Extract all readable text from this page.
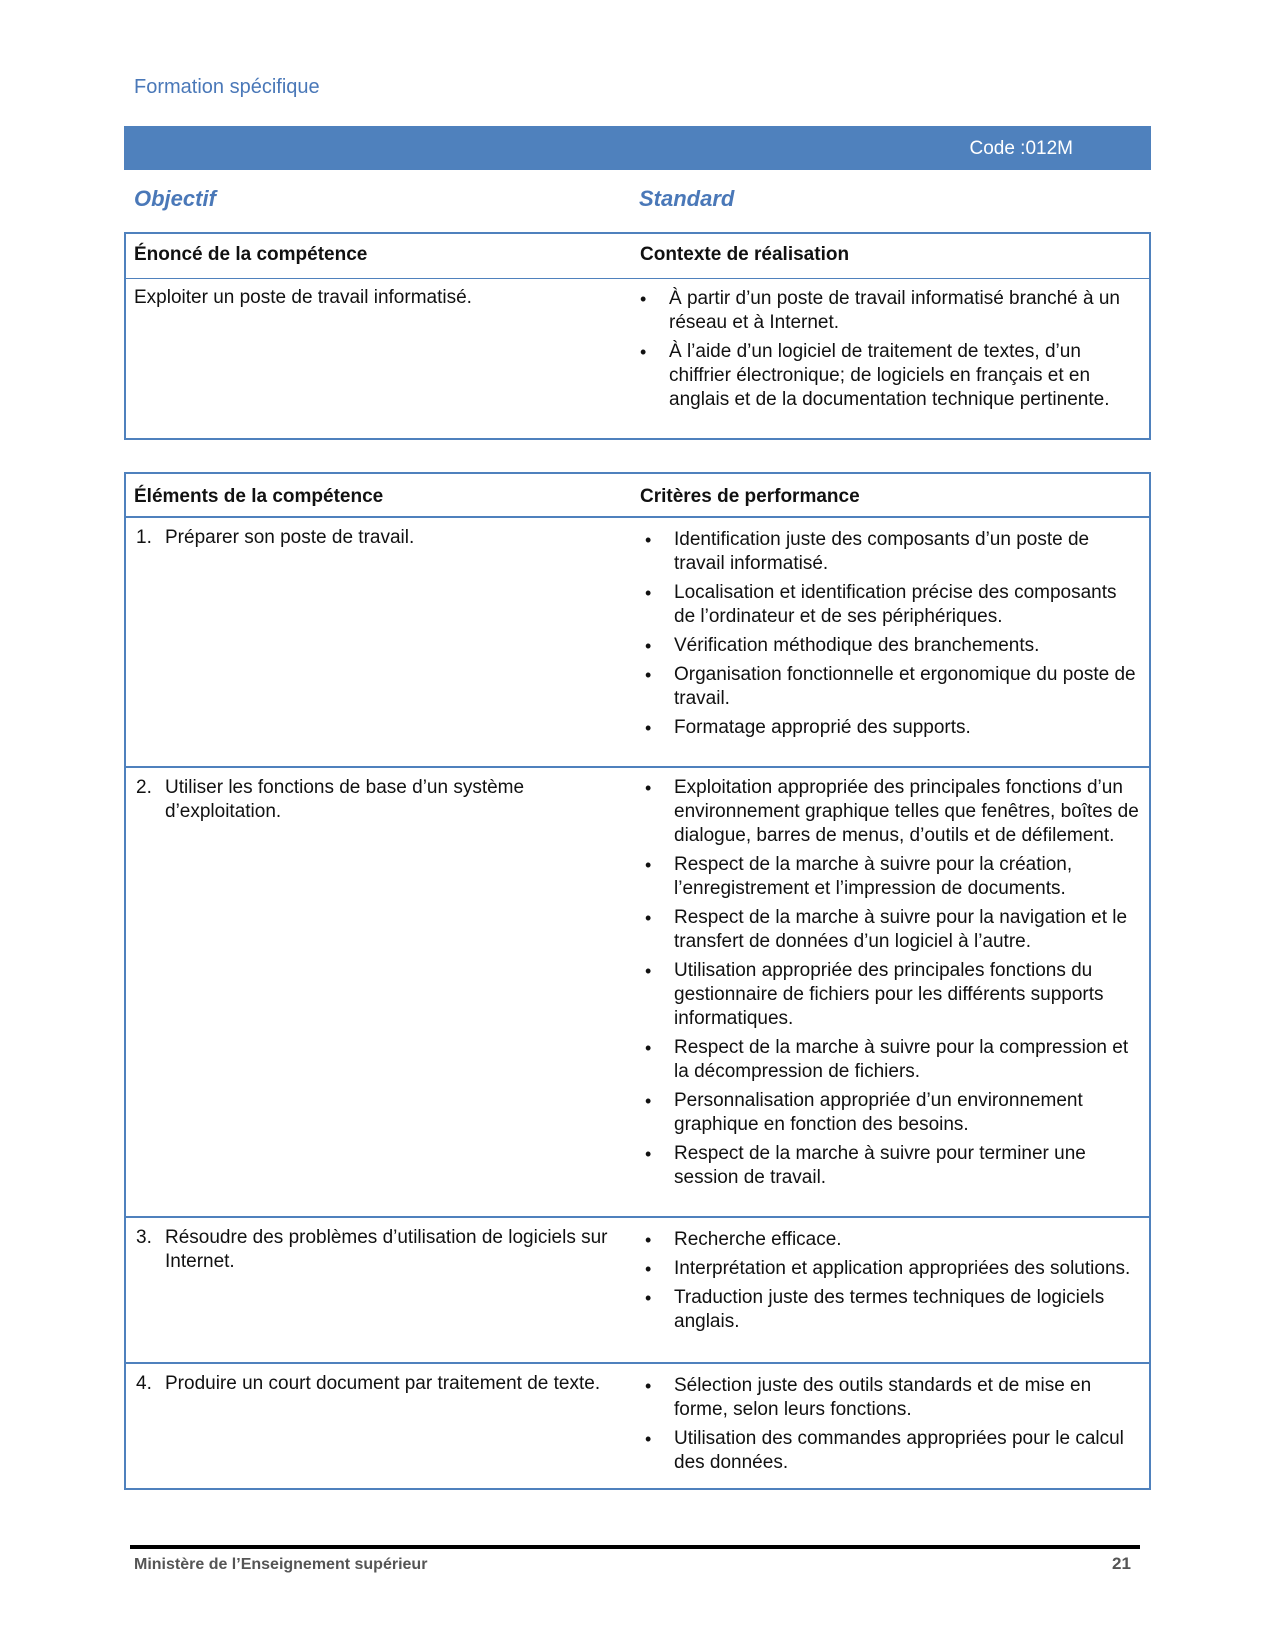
Formation spécifique
Code :012M
Objectif	Standard
Énoncé de la compétence	Contexte de réalisation
Exploiter un poste de travail informatisé.	• À partir d’un poste de travail informatisé branché à un réseau et à Internet.
• À l’aide d’un logiciel de traitement de textes, d’un chiffrier électronique; de logiciels en français et en anglais et de la documentation technique pertinente.
Éléments de la compétence	Critères de performance
1. Préparer son poste de travail.	• Identification juste des composants d’un poste de travail informatisé.
• Localisation et identification précise des composants de l’ordinateur et de ses périphériques.
• Vérification méthodique des branchements.
• Organisation fonctionnelle et ergonomique du poste de travail.
• Formatage approprié des supports.
2. Utiliser les fonctions de base d’un système d’exploitation.
• Exploitation appropriée des principales fonctions d’un environnement graphique telles que fenêtres, boîtes de dialogue, barres de menus, d’outils et de défilement.
• Respect de la marche à suivre pour la création, l’enregistrement et l’impression de documents.
• Respect de la marche à suivre pour la navigation et le transfert de données d’un logiciel à l’autre.
• Utilisation appropriée des principales fonctions du gestionnaire de fichiers pour les différents supports informatiques.
• Respect de la marche à suivre pour la compression et la décompression de fichiers.
• Personnalisation appropriée d’un environnement graphique en fonction des besoins.
• Respect de la marche à suivre pour terminer une session de travail.
3. Résoudre des problèmes d’utilisation de logiciels sur Internet.
• Recherche efficace.
• Interprétation et application appropriées des solutions.
• Traduction juste des termes techniques de logiciels anglais.
4. Produire un court document par traitement de texte.	• Sélection juste des outils standards et de mise en forme, selon leurs fonctions.
• Utilisation des commandes appropriées pour le calcul des données.
Ministère de l’Enseignement supérieur	21
